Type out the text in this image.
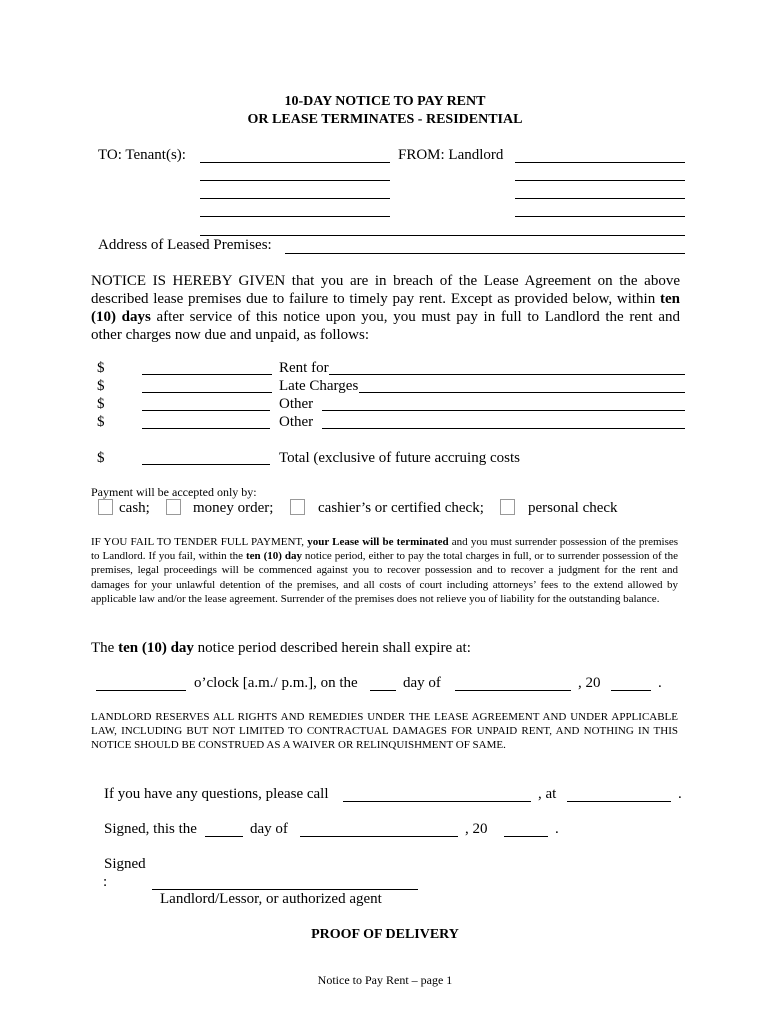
10-DAY NOTICE TO PAY RENT
OR LEASE TERMINATES - RESIDENTIAL
TO: Tenant(s):	FROM: Landlord
Address of Leased Premises:
NOTICE IS HEREBY GIVEN that you are in breach of the Lease Agreement on the above described lease premises due to failure to timely pay rent. Except as provided below, within ten (10) days after service of this notice upon you, you must pay in full to Landlord the rent and other charges now due and unpaid, as follows:
$	Rent for
$	Late Charges
$	Other
$	Other
$	Total (exclusive of future accruing costs
Payment will be accepted only by:
cash;	money order;	cashier’s or certified check;	personal check
IF YOU FAIL TO TENDER FULL PAYMENT, your Lease will be terminated and you must surrender possession of the premises to Landlord. If you fail, within the ten (10) day notice period, either to pay the total charges in full, or to surrender possession of the premises, legal proceedings will be commenced against you to recover possession and to recover a judgment for the rent and damages for your unlawful detention of the premises, and all costs of court including attorneys’ fees to the extend allowed by applicable law and/or the lease agreement. Surrender of the premises does not relieve you of liability for the outstanding balance.
The ten (10) day notice period described herein shall expire at:
o’clock [a.m./ p.m.], on the	day of	, 20	.
LANDLORD RESERVES ALL RIGHTS AND REMEDIES UNDER THE LEASE AGREEMENT AND UNDER APPLICABLE LAW, INCLUDING BUT NOT LIMITED TO CONTRACTUAL DAMAGES FOR UNPAID RENT, AND NOTHING IN THIS NOTICE SHOULD BE CONSTRUED AS A WAIVER OR RELINQUISHMENT OF SAME.
If you have any questions, please call	, at	.
Signed, this the	day of	, 20	.
Signed
:
Landlord/Lessor, or authorized agent
PROOF OF DELIVERY
Notice to Pay Rent – page 1
